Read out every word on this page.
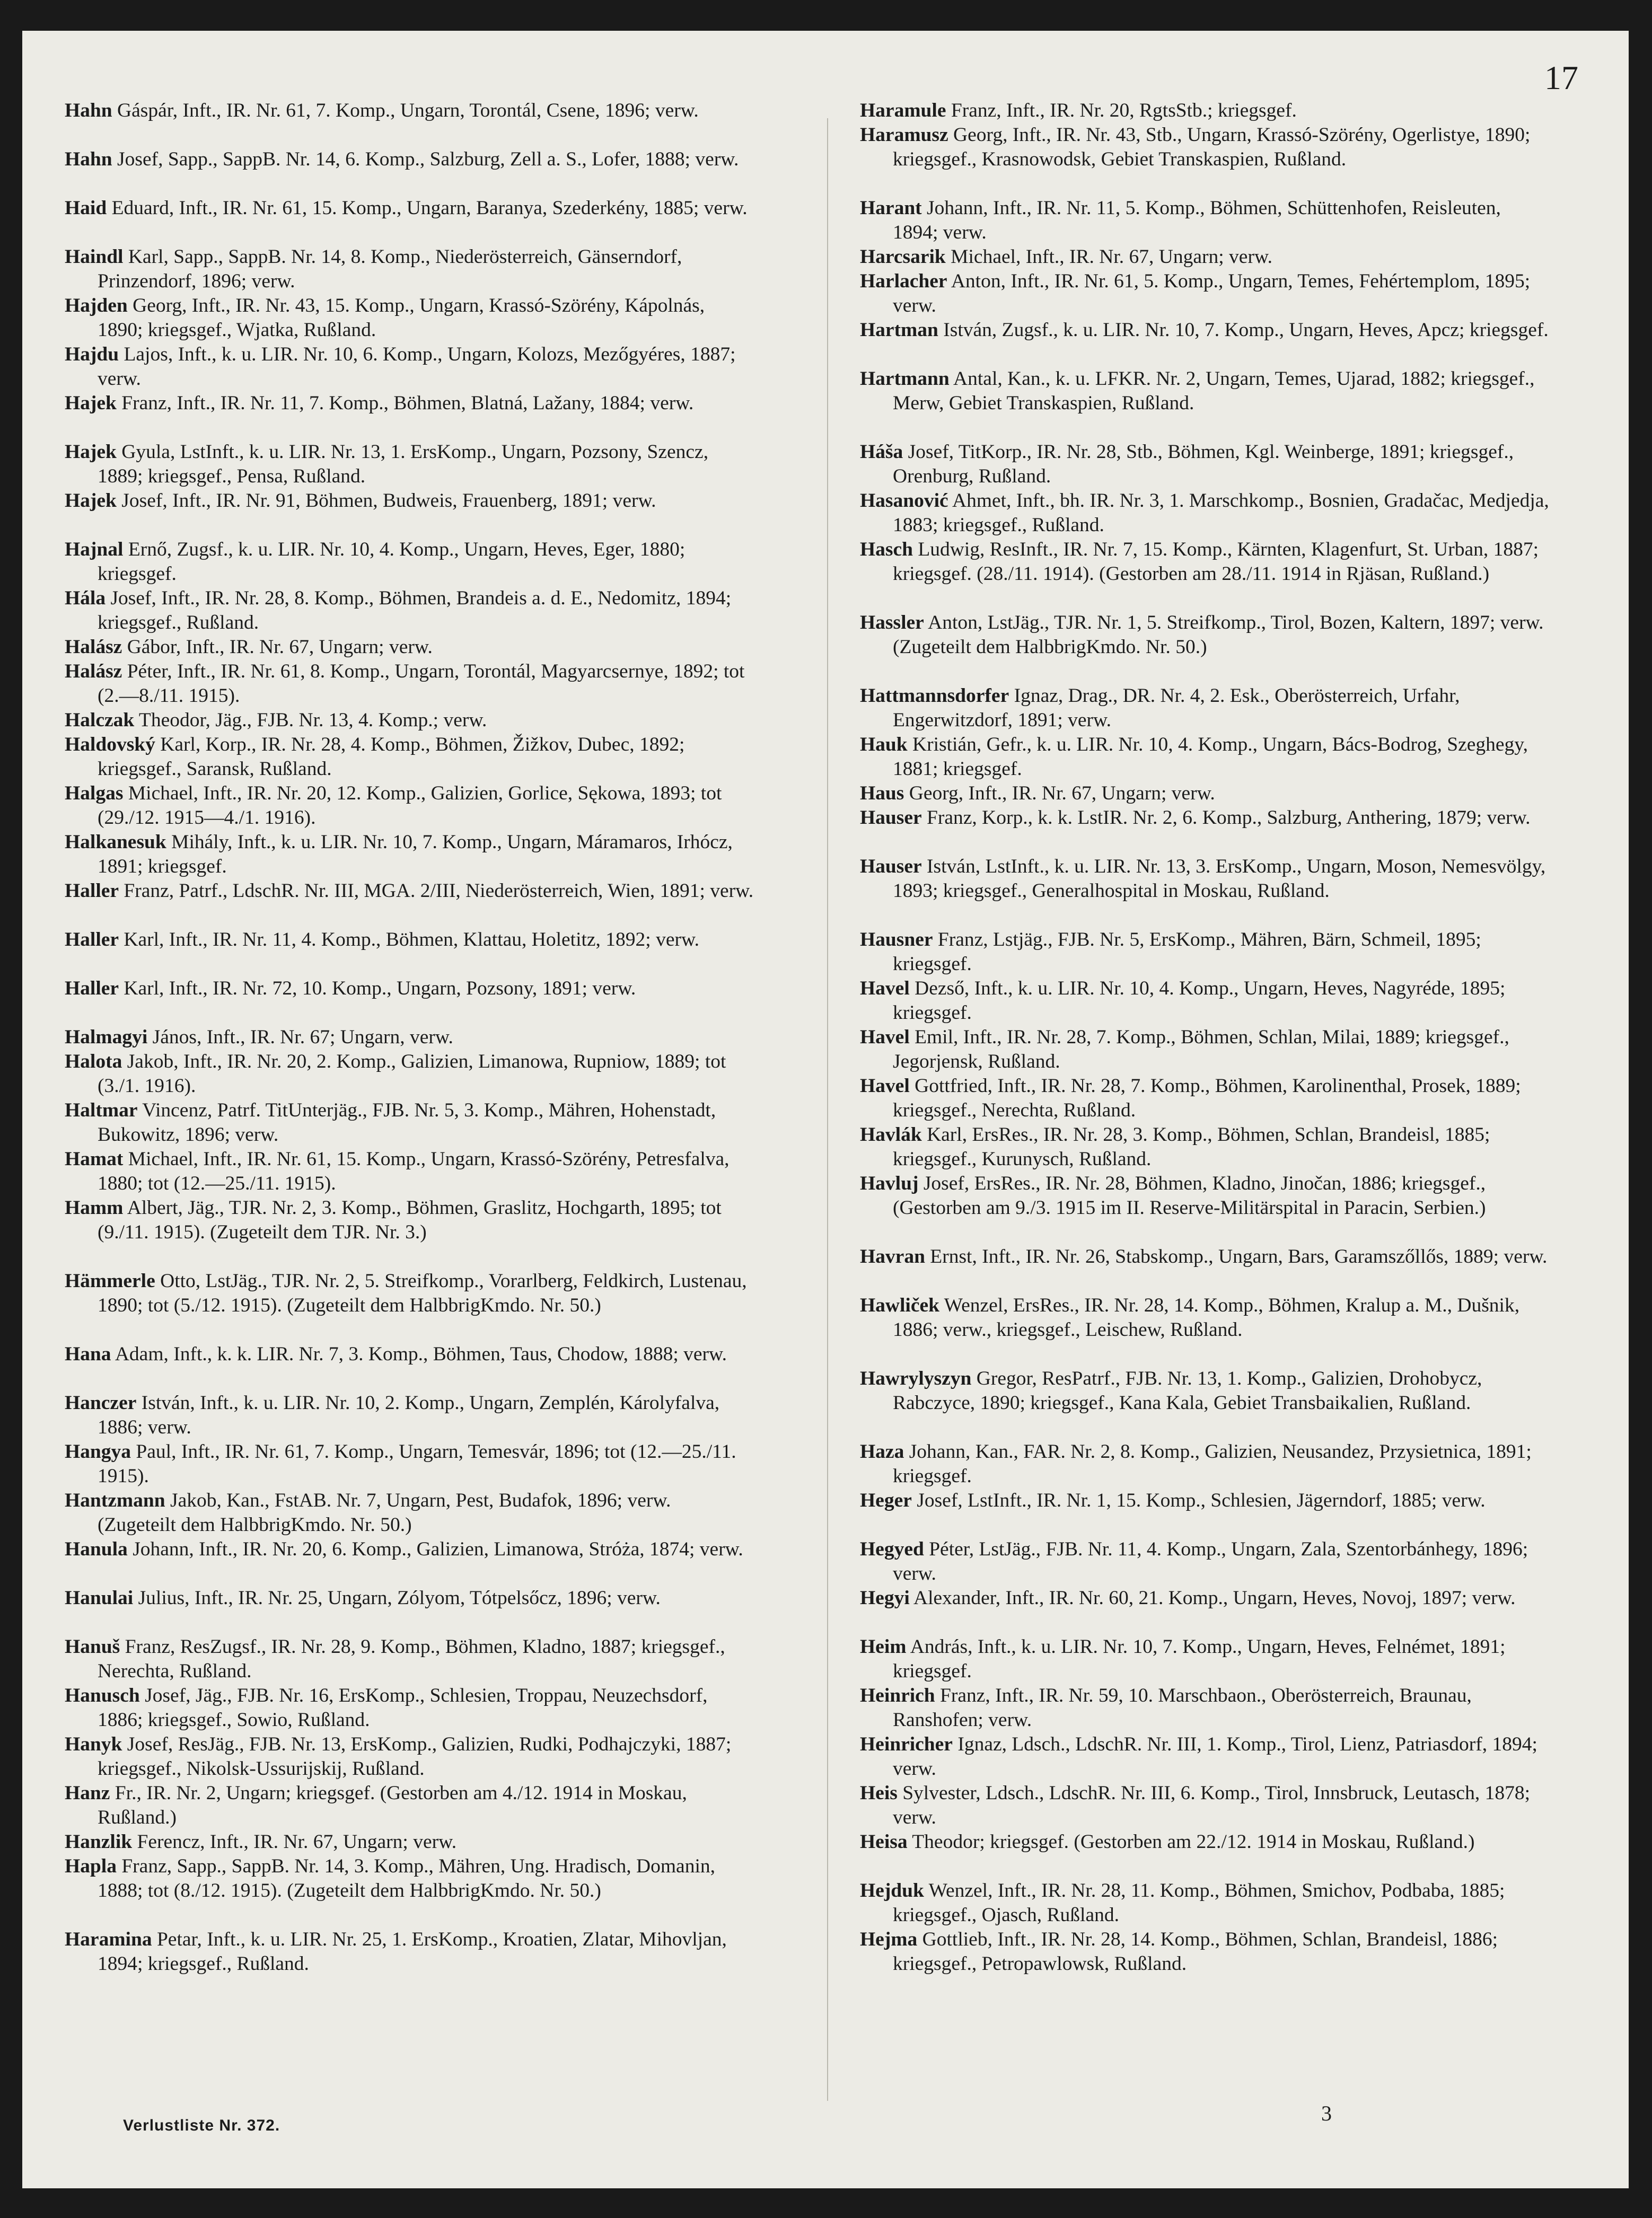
17
Hahn Gáspár, Inft., IR. Nr. 61, 7. Komp., Ungarn, Torontál, Csene, 1896; verw.
Hahn Josef, Sapp., SappB. Nr. 14, 6. Komp., Salzburg, Zell a. S., Lofer, 1888; verw.
Haid Eduard, Inft., IR. Nr. 61, 15. Komp., Ungarn, Baranya, Szederkény, 1885; verw.
Haindl Karl, Sapp., SappB. Nr. 14, 8. Komp., Niederösterreich, Gänserndorf, Prinzendorf, 1896; verw.
Hajden Georg, Inft., IR. Nr. 43, 15. Komp., Ungarn, Krassó-Szörény, Kápolnás, 1890; kriegsgef., Wjatka, Rußland.
Hajdu Lajos, Inft., k. u. LIR. Nr. 10, 6. Komp., Ungarn, Kolozs, Mezőgyéres, 1887; verw.
Hajek Franz, Inft., IR. Nr. 11, 7. Komp., Böhmen, Blatná, Lažany, 1884; verw.
Hajek Gyula, LstInft., k. u. LIR. Nr. 13, 1. ErsKomp., Ungarn, Pozsony, Szencz, 1889; kriegsgef., Pensa, Rußland.
Hajek Josef, Inft., IR. Nr. 91, Böhmen, Budweis, Frauenberg, 1891; verw.
Hajnal Ernő, Zugsf., k. u. LIR. Nr. 10, 4. Komp., Ungarn, Heves, Eger, 1880; kriegsgef.
Hála Josef, Inft., IR. Nr. 28, 8. Komp., Böhmen, Brandeis a. d. E., Nedomitz, 1894; kriegsgef., Rußland.
Halász Gábor, Inft., IR. Nr. 67, Ungarn; verw.
Halász Péter, Inft., IR. Nr. 61, 8. Komp., Ungarn, Torontál, Magyarcsernye, 1892; tot (2.—8./11. 1915).
Halczak Theodor, Jäg., FJB. Nr. 13, 4. Komp.; verw.
Haldovský Karl, Korp., IR. Nr. 28, 4. Komp., Böhmen, Žižkov, Dubec, 1892; kriegsgef., Saransk, Rußland.
Halgas Michael, Inft., IR. Nr. 20, 12. Komp., Galizien, Gorlice, Sękowa, 1893; tot (29./12. 1915—4./1. 1916).
Halkanesuk Mihály, Inft., k. u. LIR. Nr. 10, 7. Komp., Ungarn, Máramaros, Irhócz, 1891; kriegsgef.
Haller Franz, Patrf., LdschR. Nr. III, MGA. 2/III, Niederösterreich, Wien, 1891; verw.
Haller Karl, Inft., IR. Nr. 11, 4. Komp., Böhmen, Klattau, Holetitz, 1892; verw.
Haller Karl, Inft., IR. Nr. 72, 10. Komp., Ungarn, Pozsony, 1891; verw.
Halmagyi János, Inft., IR. Nr. 67; Ungarn, verw.
Halota Jakob, Inft., IR. Nr. 20, 2. Komp., Galizien, Limanowa, Rupniow, 1889; tot (3./1. 1916).
Haltmar Vincenz, Patrf. TitUnterjäg., FJB. Nr. 5, 3. Komp., Mähren, Hohenstadt, Bukowitz, 1896; verw.
Hamat Michael, Inft., IR. Nr. 61, 15. Komp., Ungarn, Krassó-Szörény, Petresfalva, 1880; tot (12.—25./11. 1915).
Hamm Albert, Jäg., TJR. Nr. 2, 3. Komp., Böhmen, Graslitz, Hochgarth, 1895; tot (9./11. 1915). (Zugeteilt dem TJR. Nr. 3.)
Hämmerle Otto, LstJäg., TJR. Nr. 2, 5. Streifkomp., Vorarlberg, Feldkirch, Lustenau, 1890; tot (5./12. 1915). (Zugeteilt dem HalbbrigKmdo. Nr. 50.)
Hana Adam, Inft., k. k. LIR. Nr. 7, 3. Komp., Böhmen, Taus, Chodow, 1888; verw.
Hanczer István, Inft., k. u. LIR. Nr. 10, 2. Komp., Ungarn, Zemplén, Károlyfalva, 1886; verw.
Hangya Paul, Inft., IR. Nr. 61, 7. Komp., Ungarn, Temesvár, 1896; tot (12.—25./11. 1915).
Hantzmann Jakob, Kan., FstAB. Nr. 7, Ungarn, Pest, Budafok, 1896; verw. (Zugeteilt dem HalbbrigKmdo. Nr. 50.)
Hanula Johann, Inft., IR. Nr. 20, 6. Komp., Galizien, Limanowa, Stróża, 1874; verw.
Hanulai Julius, Inft., IR. Nr. 25, Ungarn, Zólyom, Tótpelsőcz, 1896; verw.
Hanuš Franz, ResZugsf., IR. Nr. 28, 9. Komp., Böhmen, Kladno, 1887; kriegsgef., Nerechta, Rußland.
Hanusch Josef, Jäg., FJB. Nr. 16, ErsKomp., Schlesien, Troppau, Neuzechsdorf, 1886; kriegsgef., Sowio, Rußland.
Hanyk Josef, ResJäg., FJB. Nr. 13, ErsKomp., Galizien, Rudki, Podhajczyki, 1887; kriegsgef., Nikolsk-Ussurijskij, Rußland.
Hanz Fr., IR. Nr. 2, Ungarn; kriegsgef. (Gestorben am 4./12. 1914 in Moskau, Rußland.)
Hanzlik Ferencz, Inft., IR. Nr. 67, Ungarn; verw.
Hapla Franz, Sapp., SappB. Nr. 14, 3. Komp., Mähren, Ung. Hradisch, Domanin, 1888; tot (8./12. 1915). (Zugeteilt dem HalbbrigKmdo. Nr. 50.)
Haramina Petar, Inft., k. u. LIR. Nr. 25, 1. ErsKomp., Kroatien, Zlatar, Mihovljan, 1894; kriegsgef., Rußland.
Haramule Franz, Inft., IR. Nr. 20, RgtsStb.; kriegsgef.
Haramusz Georg, Inft., IR. Nr. 43, Stb., Ungarn, Krassó-Szörény, Ogerlistye, 1890; kriegsgef., Krasnowodsk, Gebiet Transkaspien, Rußland.
Harant Johann, Inft., IR. Nr. 11, 5. Komp., Böhmen, Schüttenhofen, Reisleuten, 1894; verw.
Harcsarik Michael, Inft., IR. Nr. 67, Ungarn; verw.
Harlacher Anton, Inft., IR. Nr. 61, 5. Komp., Ungarn, Temes, Fehértemplom, 1895; verw.
Hartman István, Zugsf., k. u. LIR. Nr. 10, 7. Komp., Ungarn, Heves, Apcz; kriegsgef.
Hartmann Antal, Kan., k. u. LFKR. Nr. 2, Ungarn, Temes, Ujarad, 1882; kriegsgef., Merw, Gebiet Transkaspien, Rußland.
Háša Josef, TitKorp., IR. Nr. 28, Stb., Böhmen, Kgl. Weinberge, 1891; kriegsgef., Orenburg, Rußland.
Hasanović Ahmet, Inft., bh. IR. Nr. 3, 1. Marschkomp., Bosnien, Gradačac, Medjedja, 1883; kriegsgef., Rußland.
Hasch Ludwig, ResInft., IR. Nr. 7, 15. Komp., Kärnten, Klagenfurt, St. Urban, 1887; kriegsgef. (28./11. 1914). (Gestorben am 28./11. 1914 in Rjäsan, Rußland.)
Hassler Anton, LstJäg., TJR. Nr. 1, 5. Streifkomp., Tirol, Bozen, Kaltern, 1897; verw. (Zugeteilt dem HalbbrigKmdo. Nr. 50.)
Hattmannsdorfer Ignaz, Drag., DR. Nr. 4, 2. Esk., Oberösterreich, Urfahr, Engerwitzdorf, 1891; verw.
Hauk Kristián, Gefr., k. u. LIR. Nr. 10, 4. Komp., Ungarn, Bács-Bodrog, Szeghegy, 1881; kriegsgef.
Haus Georg, Inft., IR. Nr. 67, Ungarn; verw.
Hauser Franz, Korp., k. k. LstIR. Nr. 2, 6. Komp., Salzburg, Anthering, 1879; verw.
Hauser István, LstInft., k. u. LIR. Nr. 13, 3. ErsKomp., Ungarn, Moson, Nemesvölgy, 1893; kriegsgef., Generalhospital in Moskau, Rußland.
Hausner Franz, Lstjäg., FJB. Nr. 5, ErsKomp., Mähren, Bärn, Schmeil, 1895; kriegsgef.
Havel Dezső, Inft., k. u. LIR. Nr. 10, 4. Komp., Ungarn, Heves, Nagyréde, 1895; kriegsgef.
Havel Emil, Inft., IR. Nr. 28, 7. Komp., Böhmen, Schlan, Milai, 1889; kriegsgef., Jegorjensk, Rußland.
Havel Gottfried, Inft., IR. Nr. 28, 7. Komp., Böhmen, Karolinenthal, Prosek, 1889; kriegsgef., Nerechta, Rußland.
Havlák Karl, ErsRes., IR. Nr. 28, 3. Komp., Böhmen, Schlan, Brandeisl, 1885; kriegsgef., Kurunysch, Rußland.
Havluj Josef, ErsRes., IR. Nr. 28, Böhmen, Kladno, Jinočan, 1886; kriegsgef., (Gestorben am 9./3. 1915 im II. Reserve-Militärspital in Paracin, Serbien.)
Havran Ernst, Inft., IR. Nr. 26, Stabskomp., Ungarn, Bars, Garamszőllős, 1889; verw.
Hawliček Wenzel, ErsRes., IR. Nr. 28, 14. Komp., Böhmen, Kralup a. M., Dušnik, 1886; verw., kriegsgef., Leischew, Rußland.
Hawrylyszyn Gregor, ResPatrf., FJB. Nr. 13, 1. Komp., Galizien, Drohobycz, Rabczyce, 1890; kriegsgef., Kana Kala, Gebiet Transbaikalien, Rußland.
Haza Johann, Kan., FAR. Nr. 2, 8. Komp., Galizien, Neusandez, Przysietnica, 1891; kriegsgef.
Heger Josef, LstInft., IR. Nr. 1, 15. Komp., Schlesien, Jägerndorf, 1885; verw.
Hegyed Péter, LstJäg., FJB. Nr. 11, 4. Komp., Ungarn, Zala, Szentorbánhegy, 1896; verw.
Hegyi Alexander, Inft., IR. Nr. 60, 21. Komp., Ungarn, Heves, Novoj, 1897; verw.
Heim András, Inft., k. u. LIR. Nr. 10, 7. Komp., Ungarn, Heves, Felnémet, 1891; kriegsgef.
Heinrich Franz, Inft., IR. Nr. 59, 10. Marschbaon., Oberösterreich, Braunau, Ranshofen; verw.
Heinricher Ignaz, Ldsch., LdschR. Nr. III, 1. Komp., Tirol, Lienz, Patriasdorf, 1894; verw.
Heis Sylvester, Ldsch., LdschR. Nr. III, 6. Komp., Tirol, Innsbruck, Leutasch, 1878; verw.
Heisa Theodor; kriegsgef. (Gestorben am 22./12. 1914 in Moskau, Rußland.)
Hejduk Wenzel, Inft., IR. Nr. 28, 11. Komp., Böhmen, Smichov, Podbaba, 1885; kriegsgef., Ojasch, Rußland.
Hejma Gottlieb, Inft., IR. Nr. 28, 14. Komp., Böhmen, Schlan, Brandeisl, 1886; kriegsgef., Petropawlowsk, Rußland.
Verlustliste Nr. 372.
3
